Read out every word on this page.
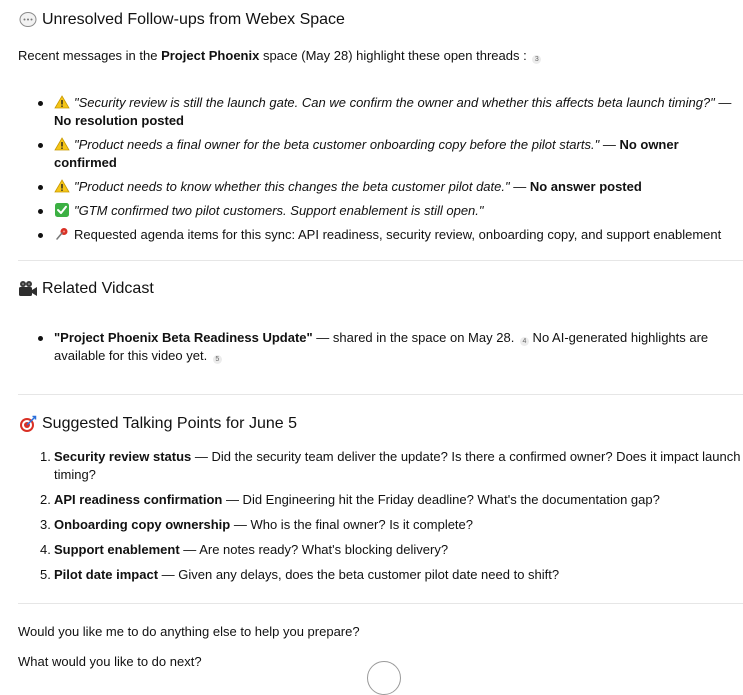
Unresolved Follow-ups from Webex Space

Recent messages in the Project Phoenix space (May 28) highlight these open threads : 3

"Security review is still the launch gate. Can we confirm the owner and whether this affects beta launch timing?" — No resolution posted
"Product needs a final owner for the beta customer onboarding copy before the pilot starts." — No owner confirmed
"Product needs to know whether this changes the beta customer pilot date." — No answer posted
"GTM confirmed two pilot customers. Support enablement is still open."
Requested agenda items for this sync: API readiness, security review, onboarding copy, and support enablement
Related Vidcast
"Project Phoenix Beta Readiness Update" — shared in the space on May 28. 4 No AI-generated highlights are available for this video yet. 5
Suggested Talking Points for June 5
1. Security review status — Did the security team deliver the update? Is there a confirmed owner? Does it impact launch timing?
2. API readiness confirmation — Did Engineering hit the Friday deadline? What's the documentation gap?
3. Onboarding copy ownership — Who is the final owner? Is it complete?
4. Support enablement — Are notes ready? What's blocking delivery?
5. Pilot date impact — Given any delays, does the beta customer pilot date need to shift?

Would you like me to do anything else to help you prepare?

What would you like to do next?
